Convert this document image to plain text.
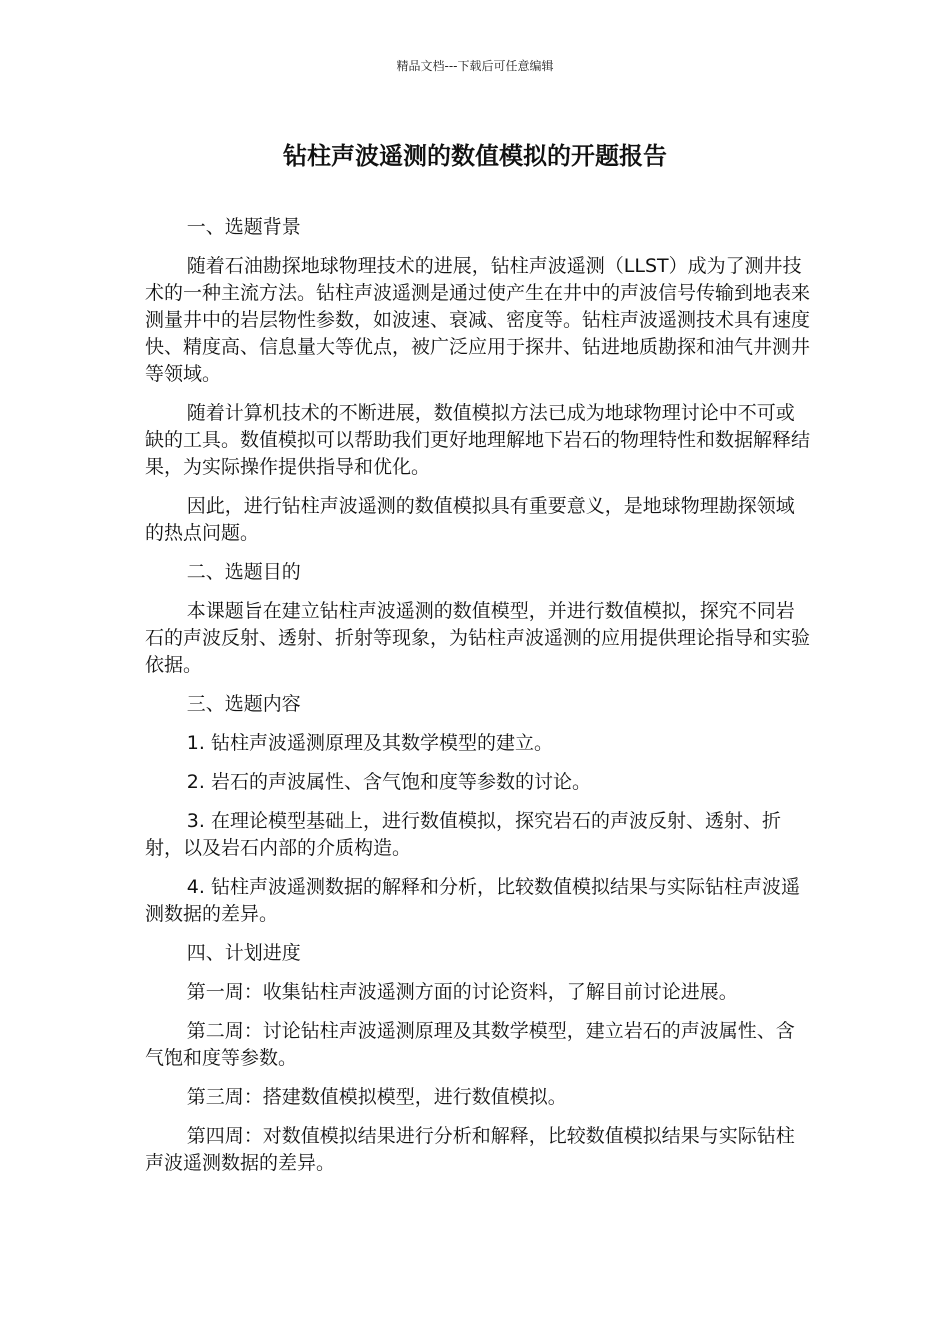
精品文档---下载后可任意编辑
钻柱声波遥测的数值模拟的开题报告

一、选题背景

随着石油勘探地球物理技术的进展，钻柱声波遥测（LLST）成为了测井技术的一种主流方法。钻柱声波遥测是通过使产生在井中的声波信号传输到地表来测量井中的岩层物性参数，如波速、衰减、密度等。钻柱声波遥测技术具有速度快、精度高、信息量大等优点，被广泛应用于探井、钻进地质勘探和油气井测井等领域。

随着计算机技术的不断进展，数值模拟方法已成为地球物理讨论中不可或缺的工具。数值模拟可以帮助我们更好地理解地下岩石的物理特性和数据解释结果，为实际操作提供指导和优化。

因此，进行钻柱声波遥测的数值模拟具有重要意义，是地球物理勘探领域的热点问题。

二、选题目的

本课题旨在建立钻柱声波遥测的数值模型，并进行数值模拟，探究不同岩石的声波反射、透射、折射等现象，为钻柱声波遥测的应用提供理论指导和实验依据。

三、选题内容

1. 钻柱声波遥测原理及其数学模型的建立。

2. 岩石的声波属性、含气饱和度等参数的讨论。

3. 在理论模型基础上，进行数值模拟，探究岩石的声波反射、透射、折射，以及岩石内部的介质构造。

4. 钻柱声波遥测数据的解释和分析，比较数值模拟结果与实际钻柱声波遥测数据的差异。

四、计划进度

第一周：收集钻柱声波遥测方面的讨论资料，了解目前讨论进展。

第二周：讨论钻柱声波遥测原理及其数学模型，建立岩石的声波属性、含气饱和度等参数。

第三周：搭建数值模拟模型，进行数值模拟。

第四周：对数值模拟结果进行分析和解释，比较数值模拟结果与实际钻柱声波遥测数据的差异。
